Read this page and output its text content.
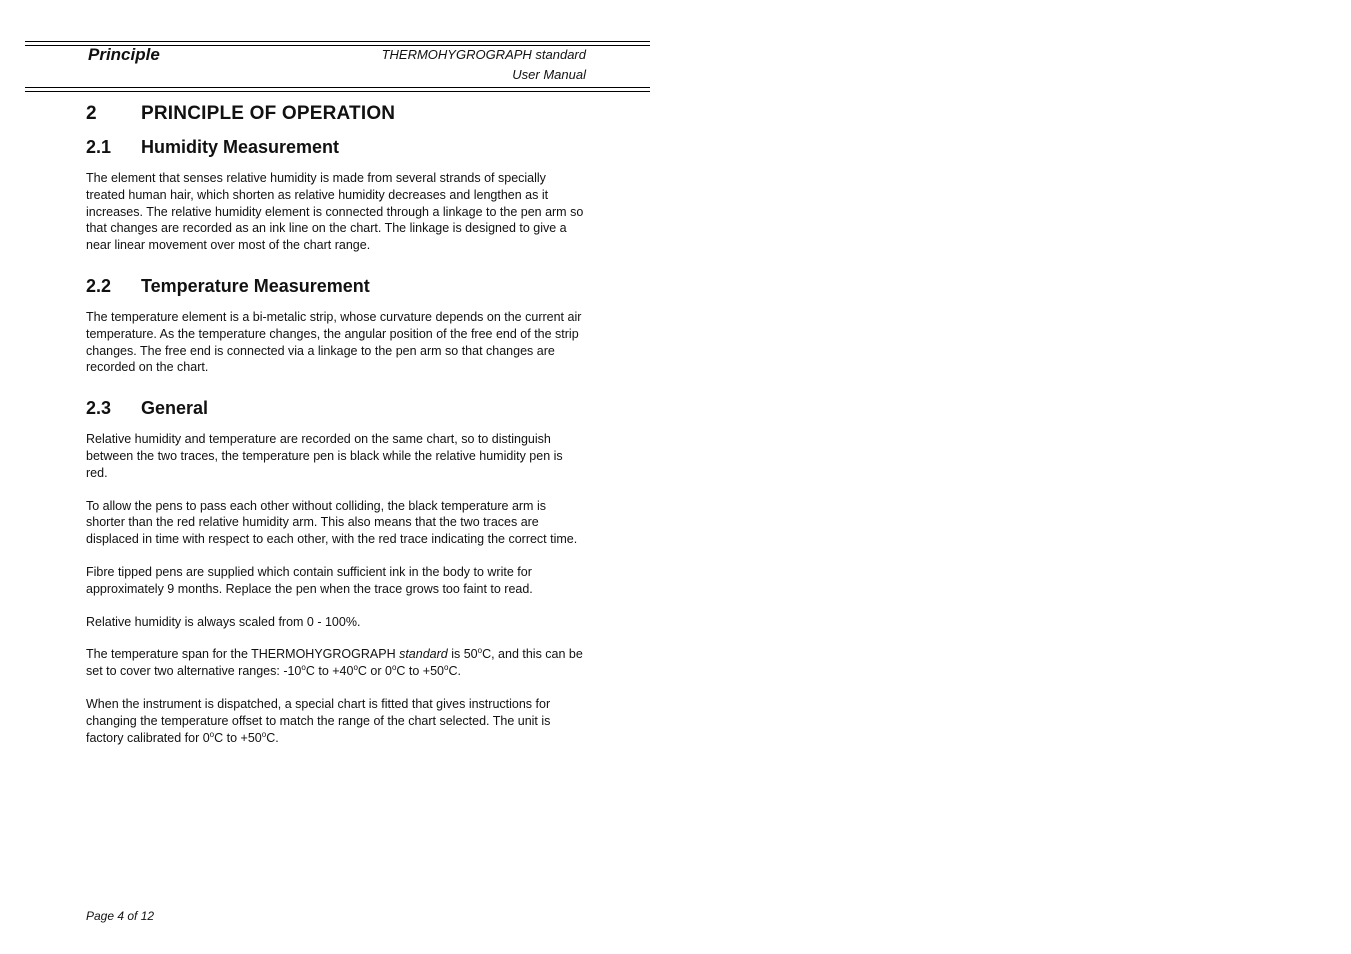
Principle	THERMOHYGROGRAPH standard
User Manual
2 PRINCIPLE OF OPERATION
2.1 Humidity Measurement

The element that senses relative humidity is made from several strands of specially treated human hair, which shorten as relative humidity decreases and lengthen as it increases. The relative humidity element is connected through a linkage to the pen arm so that changes are recorded as an ink line on the chart. The linkage is designed to give a near linear movement over most of the chart range.

2.2 Temperature Measurement

The temperature element is a bi-metalic strip, whose curvature depends on the current air temperature. As the temperature changes, the angular position of the free end of the strip changes. The free end is connected via a linkage to the pen arm so that changes are recorded on the chart.

2.3 General

Relative humidity and temperature are recorded on the same chart, so to distinguish between the two traces, the temperature pen is black while the relative humidity pen is red.

To allow the pens to pass each other without colliding, the black temperature arm is shorter than the red relative humidity arm. This also means that the two traces are displaced in time with respect to each other, with the red trace indicating the correct time.

Fibre tipped pens are supplied which contain sufficient ink in the body to write for approximately 9 months. Replace the pen when the trace grows too faint to read.

Relative humidity is always scaled from 0 - 100%.

The temperature span for the THERMOHYGROGRAPH standard is 50$^o$C, and this can be set to cover two alternative ranges: -10$^o$C to $+40^oC$ or 0$^o$C to $+50^oC$.

When the instrument is dispatched, a special chart is fitted that gives instructions for changing the temperature offset to match the range of the chart selected. The unit is factory calibrated for 0$^o$C to $+50^oC$.

Page 4 of 12
